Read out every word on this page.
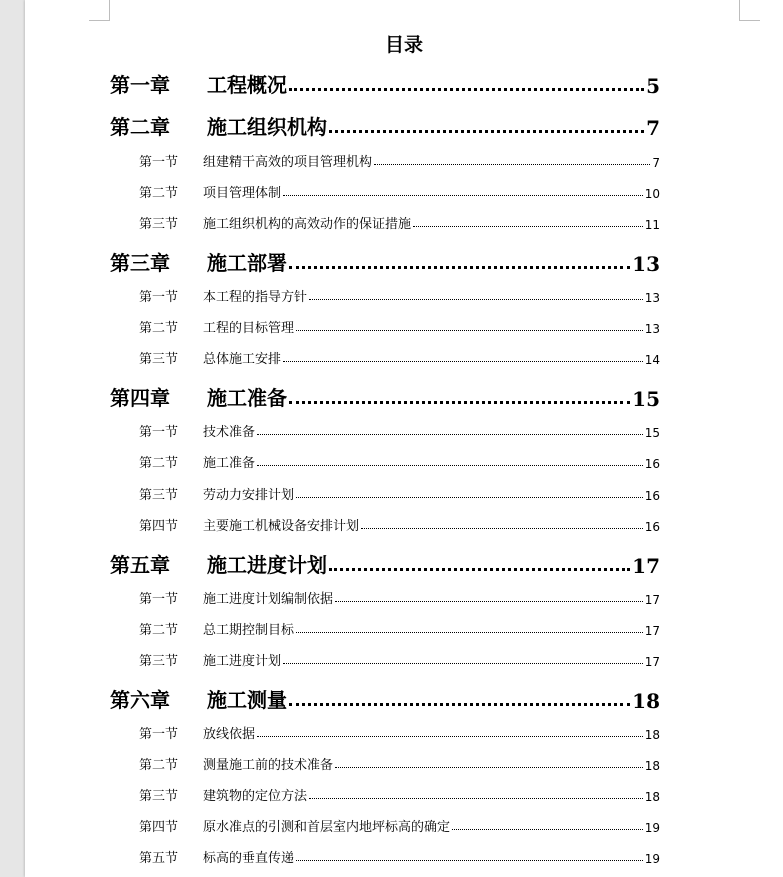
目录
第一章	工程概况	5
第二章	施工组织机构	7
第一节	组建精干高效的项目管理机构	7
第二节	项目管理体制	10
第三节	施工组织机构的高效动作的保证措施	11
第三章	施工部署	13
第一节	本工程的指导方针	13
第二节	工程的目标管理	13
第三节	总体施工安排	14
第四章	施工准备	15
第一节	技术准备	15
第二节	施工准备	16
第三节	劳动力安排计划	16
第四节	主要施工机械设备安排计划	16
第五章	施工进度计划	17
第一节	施工进度计划编制依据	17
第二节	总工期控制目标	17
第三节	施工进度计划	17
第六章	施工测量	18
第一节	放线依据	18
第二节	测量施工前的技术准备	18
第三节	建筑物的定位方法	18
第四节	原水准点的引测和首层室内地坪标高的确定	19
第五节	标高的垂直传递	19
